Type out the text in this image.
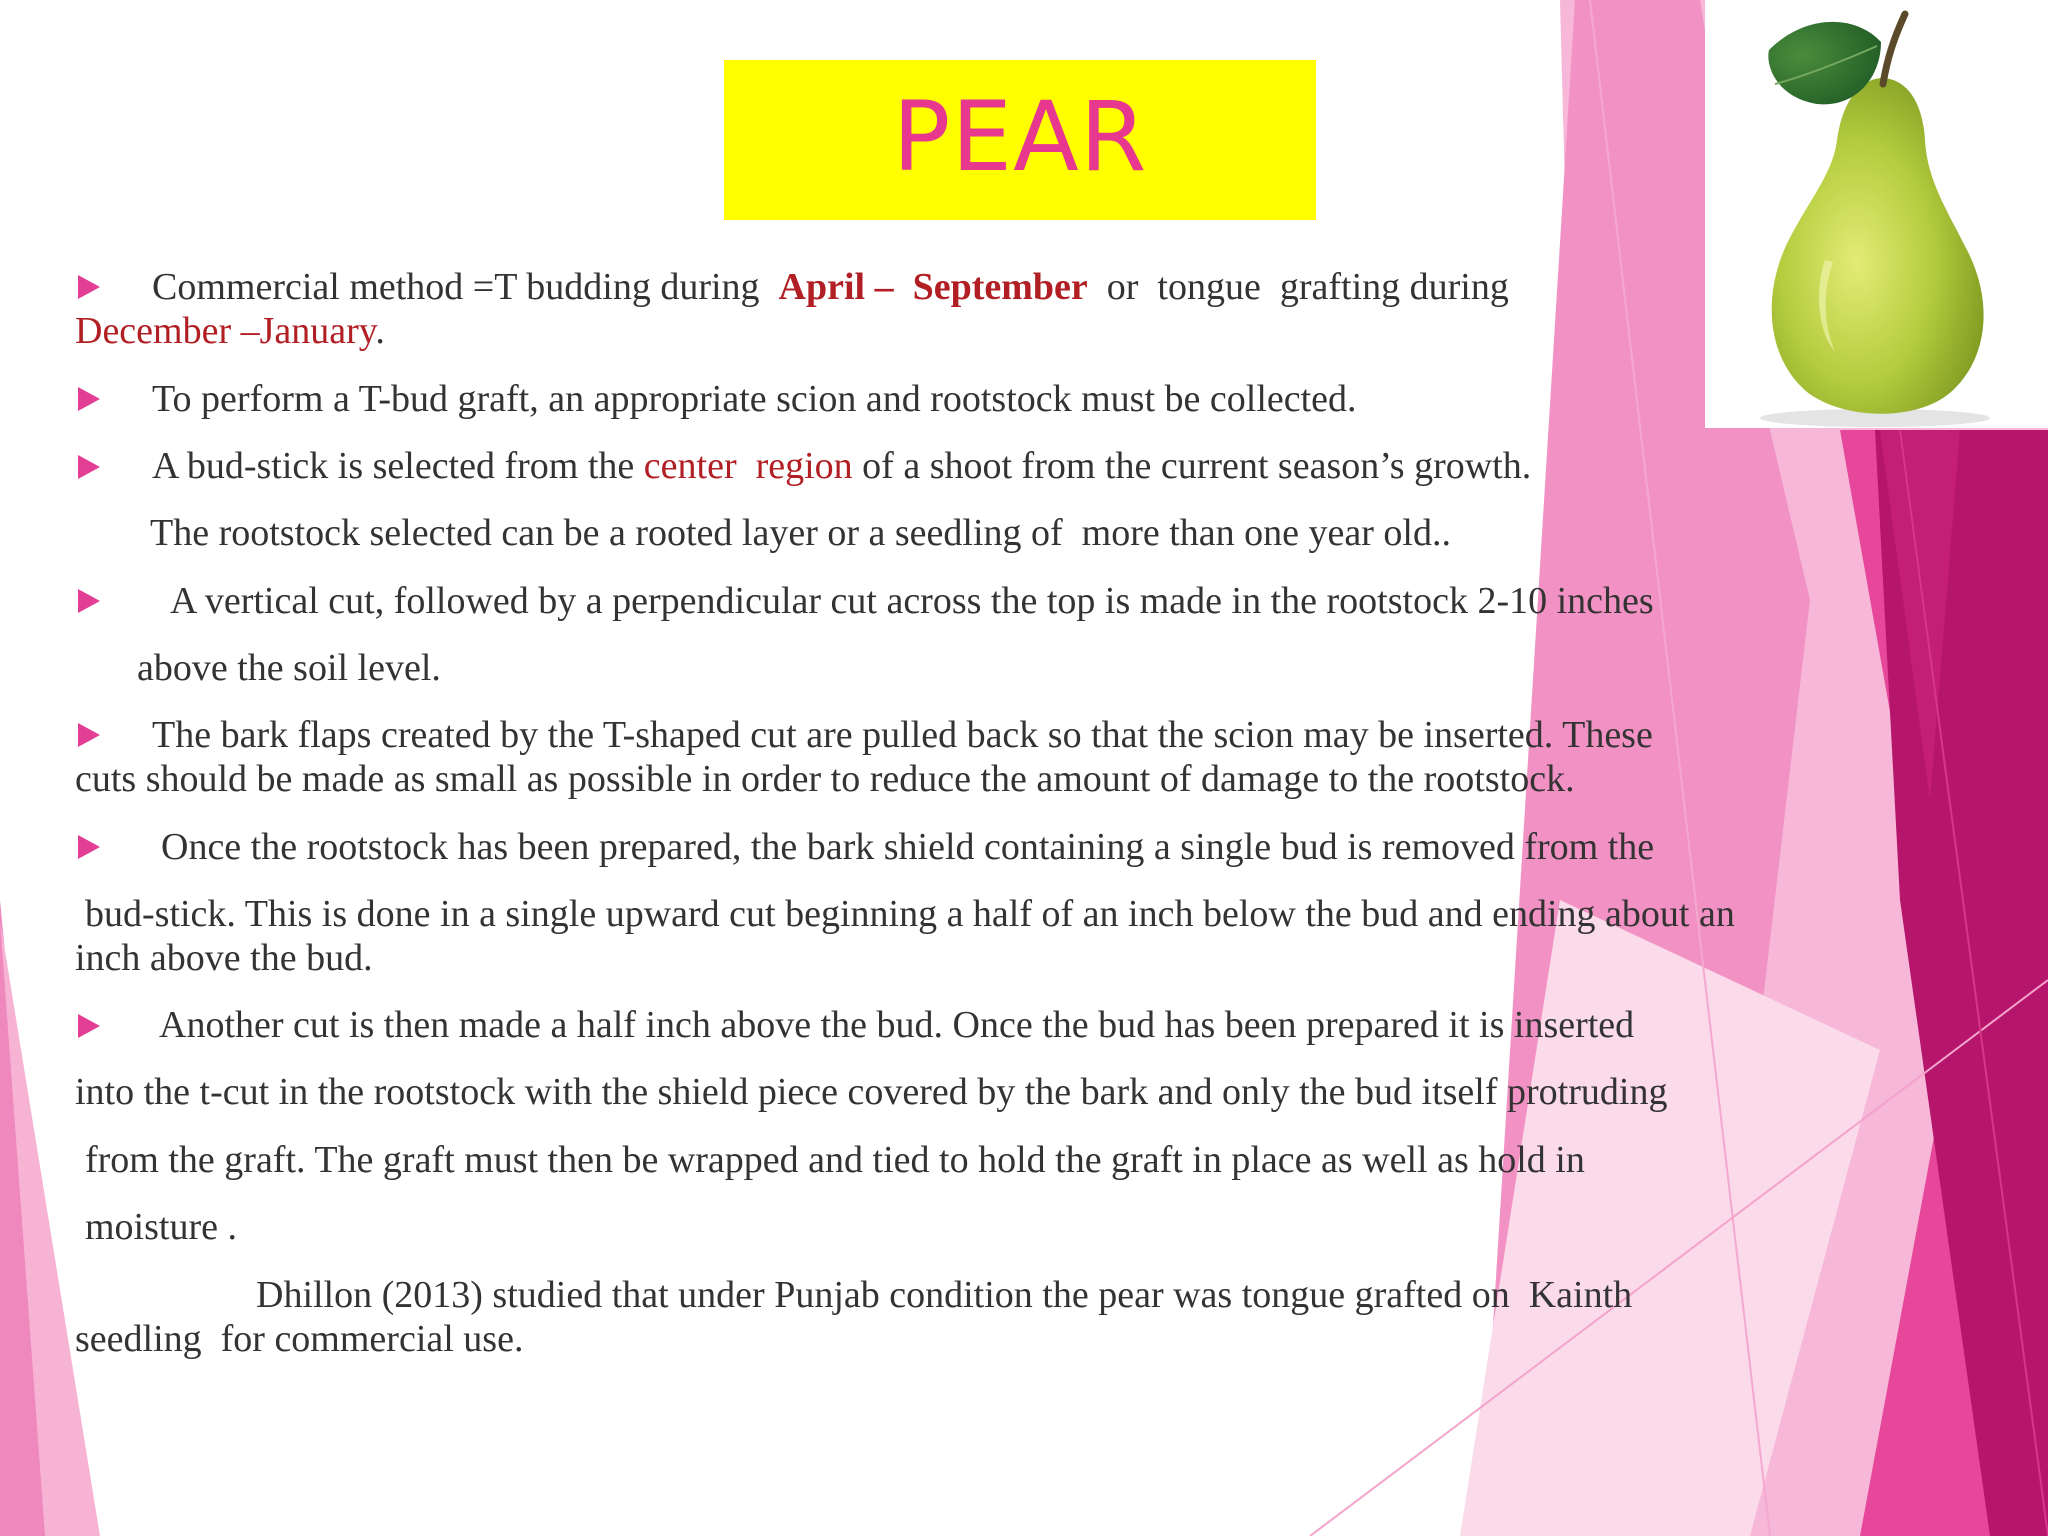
PEAR
Commercial method =T budding during  April –  September  or  tongue  grafting during
December –January.
To perform a T-bud graft, an appropriate scion and rootstock must be collected.
A bud-stick is selected from the center  region of a shoot from the current season’s growth.
The rootstock selected can be a rooted layer or a seedling of  more than one year old..
A vertical cut, followed by a perpendicular cut across the top is made in the rootstock 2-10 inches
above the soil level.
The bark flaps created by the T-shaped cut are pulled back so that the scion may be inserted. These
cuts should be made as small as possible in order to reduce the amount of damage to the rootstock.
Once the rootstock has been prepared, the bark shield containing a single bud is removed from the
bud-stick. This is done in a single upward cut beginning a half of an inch below the bud and ending about an
inch above the bud.
Another cut is then made a half inch above the bud. Once the bud has been prepared it is inserted
into the t-cut in the rootstock with the shield piece covered by the bark and only the bud itself protruding
from the graft. The graft must then be wrapped and tied to hold the graft in place as well as hold in
moisture .
Dhillon (2013) studied that under Punjab condition the pear was tongue grafted on  Kainth
seedling  for commercial use.
